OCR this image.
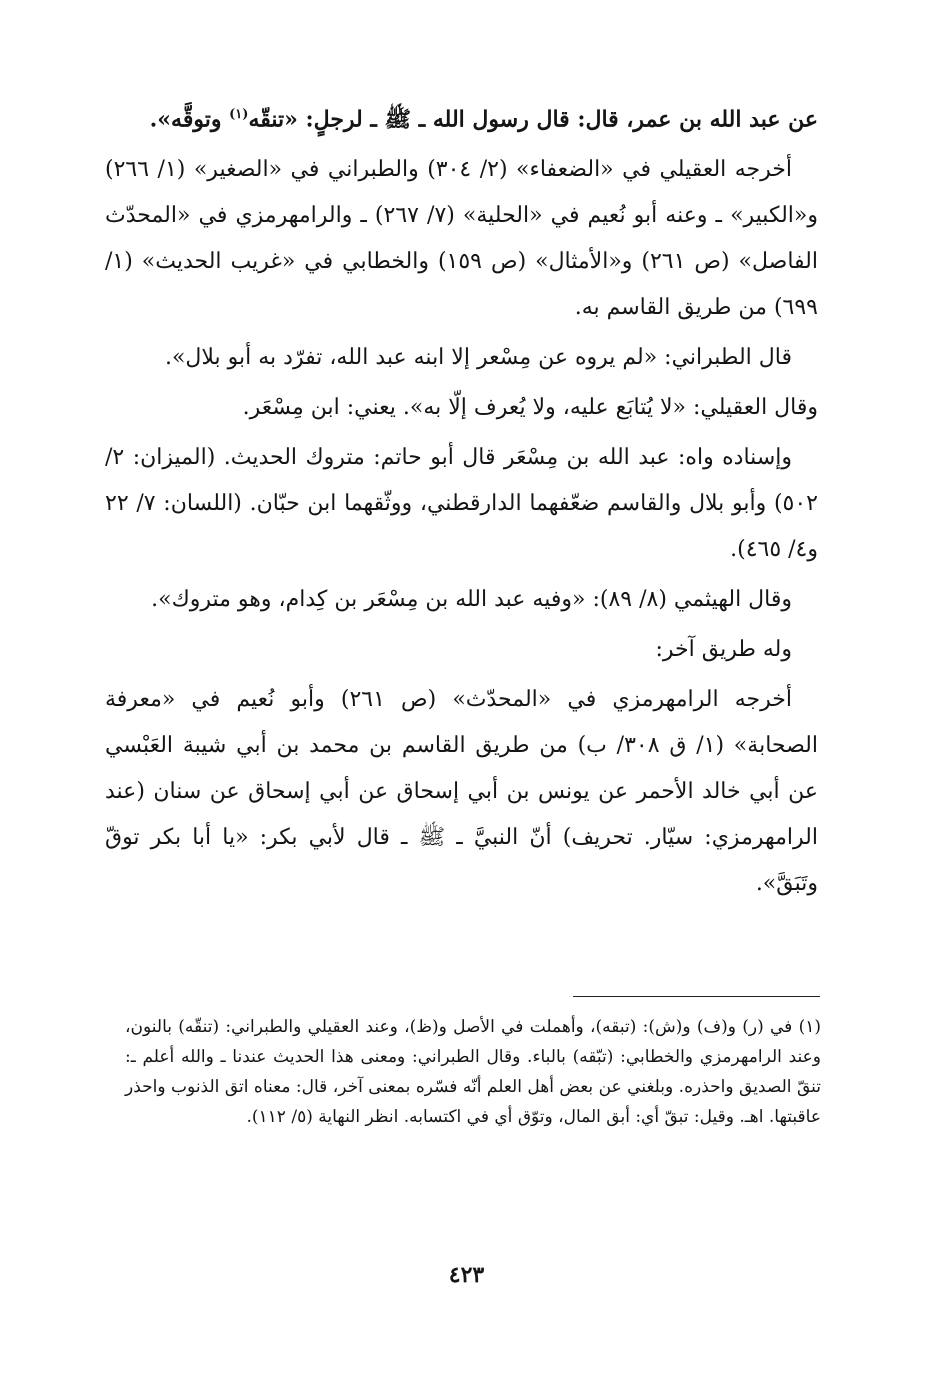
عن عبد الله بن عمر، قال: قال رسول الله ـ ﷺ ـ لرجلٍ: «تنقّه$^{(١)}$ وتوقَّه».

أخرجه العقيلي في «الضعفاء» (٢/ ٣٠٤) والطبراني في «الصغير» (١/ ٢٦٦) و«الكبير» ـ وعنه أبو نُعيم في «الحلية» (٧/ ٢٦٧) ـ والرامهرمزي في «المحدّث الفاصل» (ص ٢٦١) و«الأمثال» (ص ١٥٩) والخطابي في «غريب الحديث» (١/ ٦٩٩) من طريق القاسم به.

قال الطبراني: «لم يروه عن مِسْعر إلا ابنه عبد الله، تفرّد به أبو بلال».

وقال العقيلي: «لا يُتابَع عليه، ولا يُعرف إلّا به». يعني: ابن مِسْعَر.

وإسناده واه: عبد الله بن مِسْعَر قال أبو حاتم: متروك الحديث. (الميزان: ٢/ ٥٠٢) وأبو بلال والقاسم ضعّفهما الدارقطني، ووثّقهما ابن حبّان. (اللسان: ٧/ ٢٢ و٤/ ٤٦٥).

وقال الهيثمي (٨/ ٨٩): «وفيه عبد الله بن مِسْعَر بن كِدام، وهو متروك».

وله طريق آخر:

أخرجه الرامهرمزي في «المحدّث» (ص ٢٦١) وأبو نُعيم في «معرفة الصحابة» (١/ ق ٣٠٨/ ب) من طريق القاسم بن محمد بن أبي شيبة العَبْسي عن أبي خالد الأحمر عن يونس بن أبي إسحاق عن أبي إسحاق عن سنان (عند الرامهرمزي: سيّار. تحريف) أنّ النبيَّ ـ ﷺ ـ قال لأبي بكر: «يا أبا بكر توقّ وتَبَقَّ».

(١) في (ر) و(ف) و(ش): (تبقه)، وأهملت في الأصل و(ظ)، وعند العقيلي والطبراني: (تنقّه) بالنون، وعند الرامهرمزي والخطابي: (تبّقه) بالباء. وقال الطبراني: ومعنى هذا الحديث عندنا ـ والله أعلم ـ: تنقّ الصديق واحذره. وبلغني عن بعض أهل العلم أنّه فسّره بمعنى آخر، قال: معناه اتق الذنوب واحذر عاقبتها. اهـ. وقيل: تبقّ أي: أبق المال، وتوّق أي في اكتسابه. انظر النهاية (٥/ ١١٢).

٤٢٣
